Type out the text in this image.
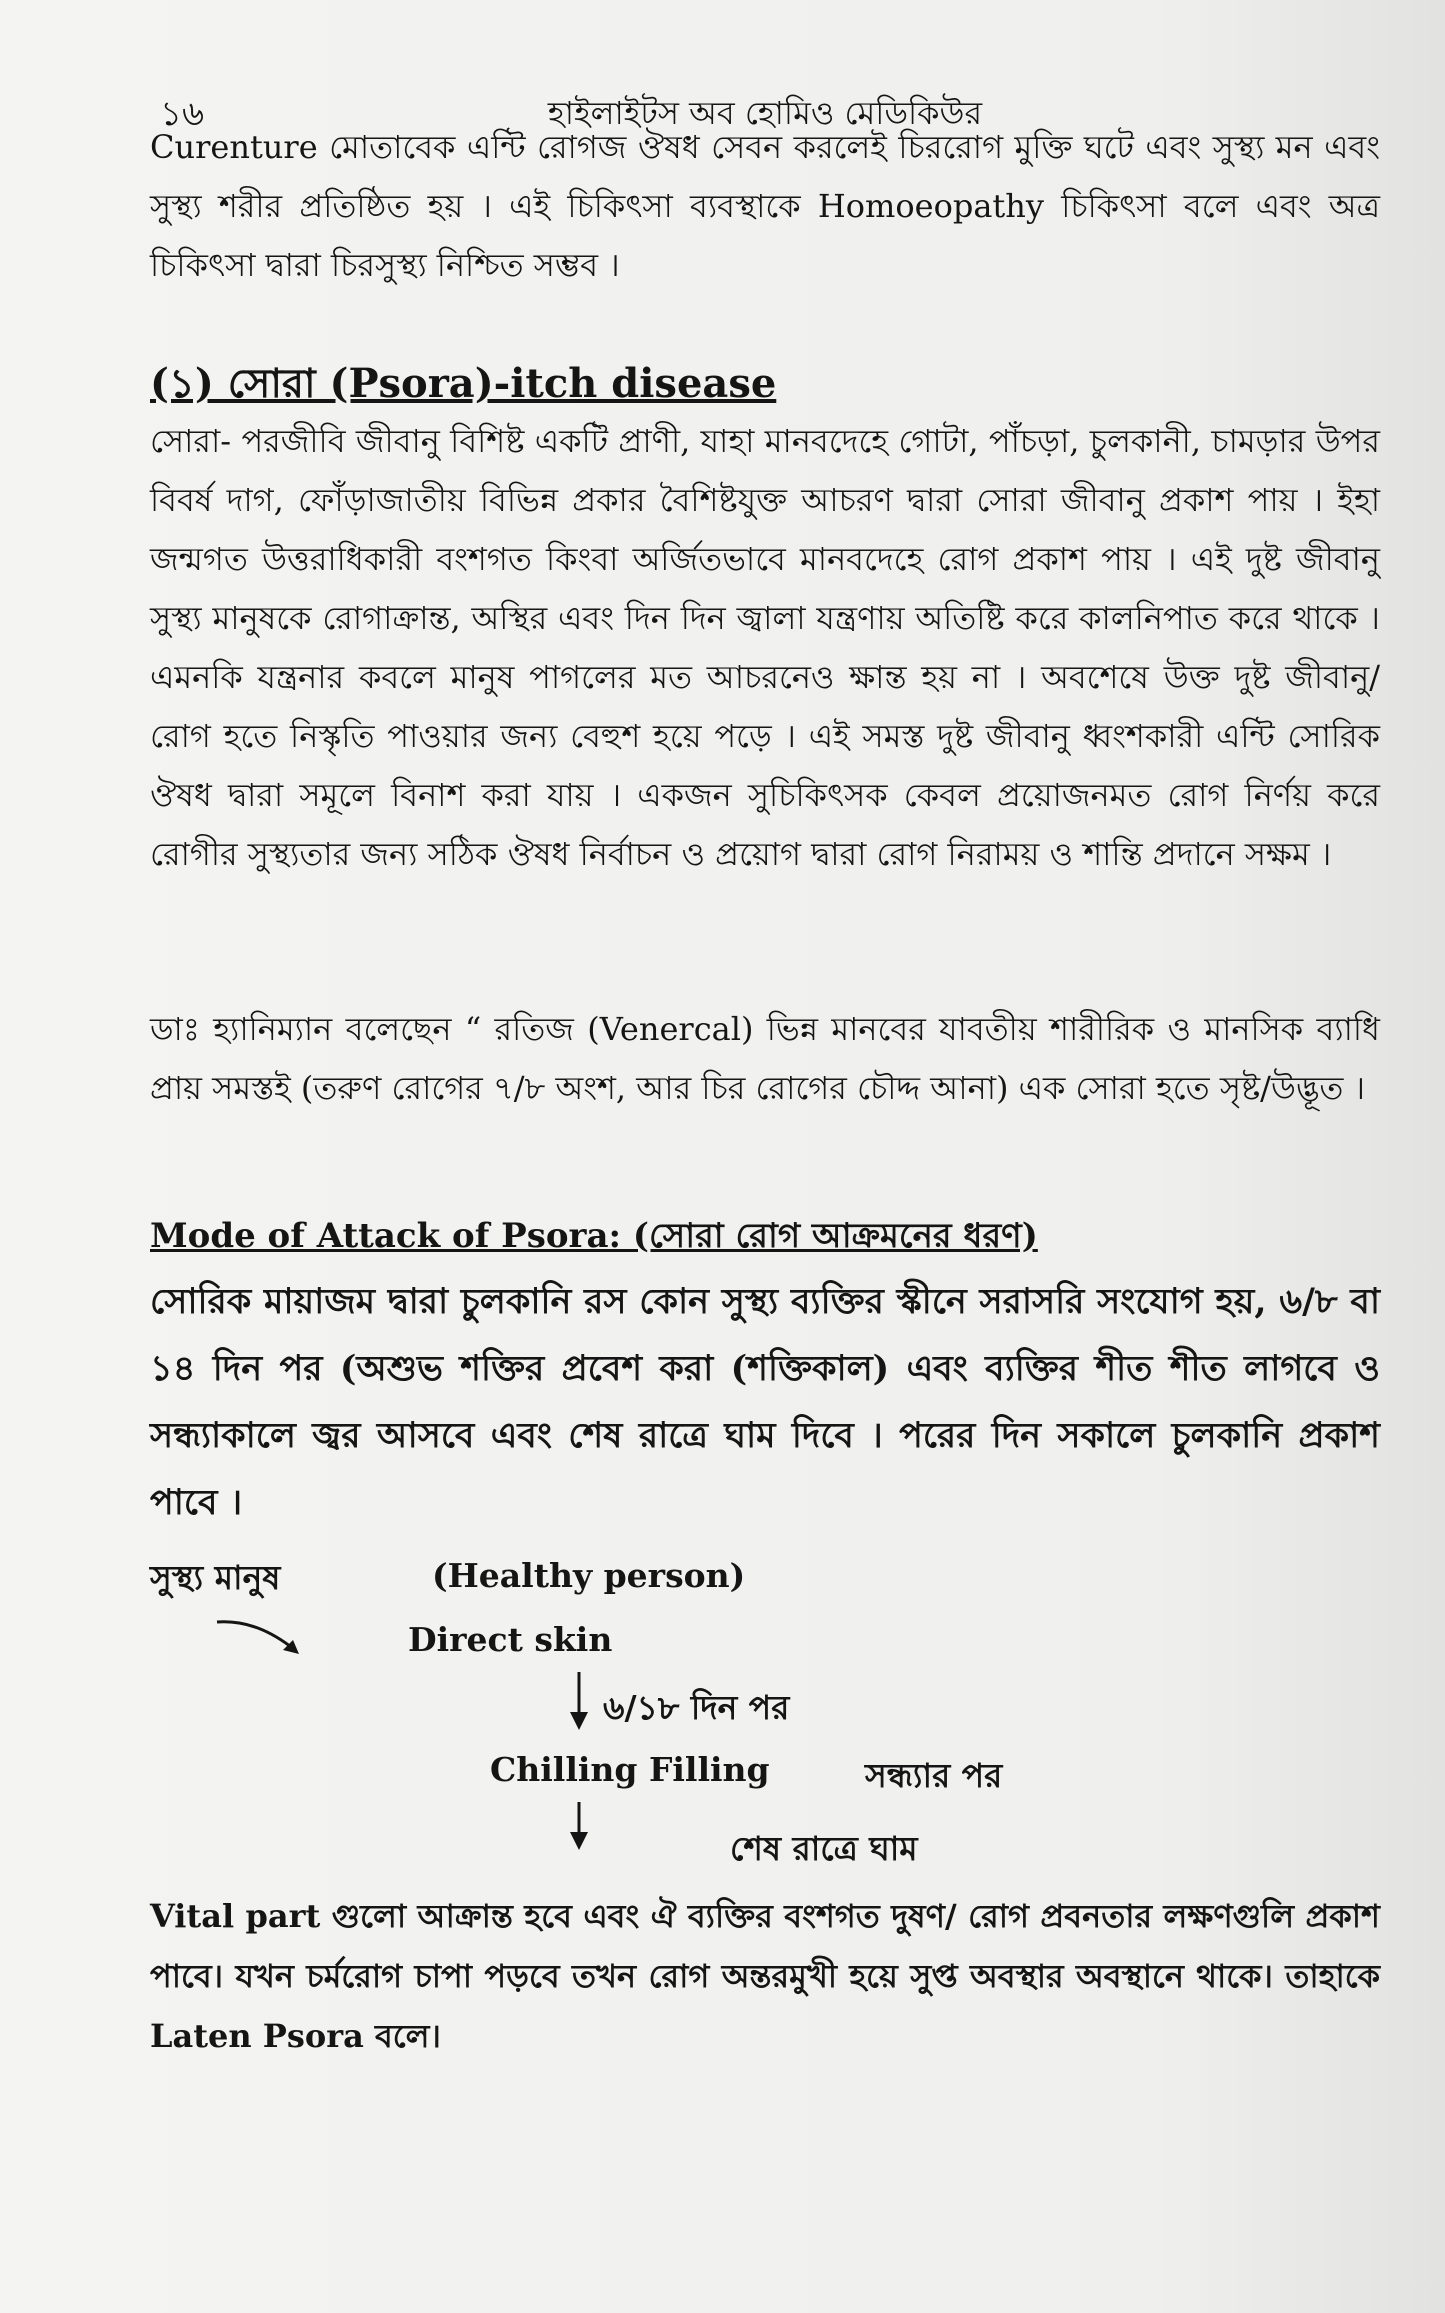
১৬	হাইলাইটস অব হোমিও মেডিকিউর

Curenture মোতাবেক এন্টি রোগজ ঔষধ সেবন করলেই চিররোগ মুক্তি ঘটে এবং সুস্থ্য মন এবং সুস্থ্য শরীর প্রতিষ্ঠিত হয় । এই চিকিৎসা ব্যবস্থাকে Homoeopathy চিকিৎসা বলে এবং অত্র চিকিৎসা দ্বারা চিরসুস্থ্য নিশ্চিত সম্ভব ।

(১) সোরা (Psora)-itch disease

সোরা- পরজীবি জীবানু বিশিষ্ট একটি প্রাণী, যাহা মানবদেহে গোটা, পাঁচড়া, চুলকানী, চামড়ার উপর বিবর্ষ দাগ, ফোঁড়াজাতীয় বিভিন্ন প্রকার বৈশিষ্টযুক্ত আচরণ দ্বারা সোরা জীবানু প্রকাশ পায় । ইহা জন্মগত উত্তরাধিকারী বংশগত কিংবা অর্জিতভাবে মানবদেহে রোগ প্রকাশ পায় । এই দুষ্ট জীবানু সুস্থ্য মানুষকে রোগাক্রান্ত, অস্থির এবং দিন দিন জ্বালা যন্ত্রণায় অতিষ্টি করে কালনিপাত করে থাকে । এমনকি যন্ত্রনার কবলে মানুষ পাগলের মত আচরনেও ক্ষান্ত হয় না । অবশেষে উক্ত দুষ্ট জীবানু/ রোগ হতে নিস্কৃতি পাওয়ার জন্য বেহুশ হয়ে পড়ে । এই সমস্ত দুষ্ট জীবানু ধ্বংশকারী এন্টি সোরিক ঔষধ দ্বারা সমূলে বিনাশ করা যায় । একজন সুচিকিৎসক কেবল প্রয়োজনমত রোগ নির্ণয় করে রোগীর সুস্থ্যতার জন্য সঠিক ঔষধ নির্বাচন ও প্রয়োগ দ্বারা রোগ নিরাময় ও শান্তি প্রদানে সক্ষম ।

ডাঃ হ্যানিম্যান বলেছেন “ রতিজ (Venercal) ভিন্ন মানবের যাবতীয় শারীরিক ও মানসিক ব্যাধি প্রায় সমস্তই (তরুণ রোগের ৭/৮ অংশ, আর চির রোগের চৌদ্দ আনা) এক সোরা হতে সৃষ্ট/উদ্ভূত ।

Mode of Attack of Psora: (সোরা রোগ আক্রমনের ধরণ)

সোরিক মায়াজম দ্বারা চুলকানি রস কোন সুস্থ্য ব্যক্তির স্কীনে সরাসরি সংযোগ হয়, ৬/৮ বা ১৪ দিন পর (অশুভ শক্তির প্রবেশ করা (শক্তিকাল) এবং ব্যক্তির শীত শীত লাগবে ও সন্ধ্যাকালে জ্বর আসবে এবং শেষ রাত্রে ঘাম দিবে । পরের দিন সকালে চুলকানি প্রকাশ পাবে ।

সুস্থ্য মানুষ	(Healthy person)
Direct skin
৬/১৮ দিন পর
Chilling Filling	সন্ধ্যার পর
শেষ রাত্রে ঘাম

Vital part গুলো আক্রান্ত হবে এবং ঐ ব্যক্তির বংশগত দুষণ/ রোগ প্রবনতার লক্ষণগুলি প্রকাশ পাবে। যখন চর্মরোগ চাপা পড়বে তখন রোগ অন্তরমুখী হয়ে সুপ্ত অবস্থার অবস্থানে থাকে। তাহাকে Laten Psora বলে।
